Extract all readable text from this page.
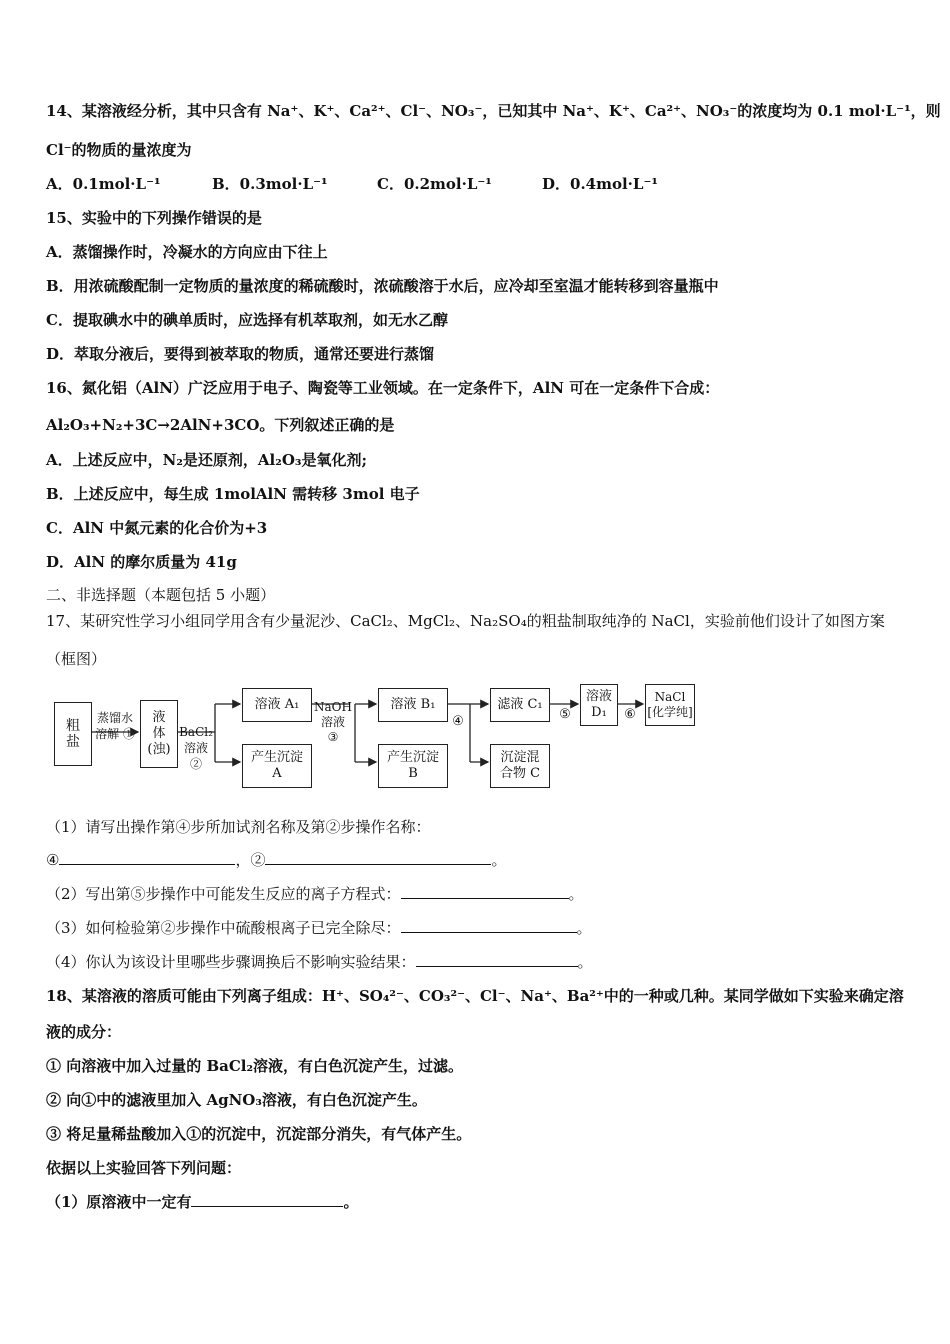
14、某溶液经分析，其中只含有 Na⁺、K⁺、Ca²⁺、Cl⁻、NO₃⁻，已知其中 Na⁺、K⁺、Ca²⁺、NO₃⁻的浓度均为 0.1 mol·L⁻¹，则
Cl⁻的物质的量浓度为
A．0.1mol·L⁻¹	B．0.3mol·L⁻¹	C．0.2mol·L⁻¹	D．0.4mol·L⁻¹
15、实验中的下列操作错误的是
A．蒸馏操作时，冷凝水的方向应由下往上
B．用浓硫酸配制一定物质的量浓度的稀硫酸时，浓硫酸溶于水后，应冷却至室温才能转移到容量瓶中
C．提取碘水中的碘单质时，应选择有机萃取剂，如无水乙醇
D．萃取分液后，要得到被萃取的物质，通常还要进行蒸馏
16、氮化铝（AlN）广泛应用于电子、陶瓷等工业领域。在一定条件下，AlN 可在一定条件下合成：
Al₂O₃+N₂+3C→2AlN+3CO。下列叙述正确的是
A．上述反应中，N₂是还原剂，Al₂O₃是氧化剂;
B．上述反应中，每生成 1molAlN 需转移 3mol 电子
C．AlN 中氮元素的化合价为+3
D．AlN 的摩尔质量为 41g
二、非选择题（本题包括 5 小题）
17、某研究性学习小组同学用含有少量泥沙、CaCl₂、MgCl₂、Na₂SO₄的粗盐制取纯净的 NaCl，实验前他们设计了如图方案
（框图）
粗
盐
蒸馏水
溶解 ①
液
体
(浊)
BaCl₂
溶液 ②
溶液 A₁
产生沉淀
A
NaOH
溶液
③
溶液 B₁
产生沉淀
B
④
滤液 C₁
沉淀混
合物 C
⑤
溶液
D₁	⑥
NaCl
[化学纯]
（1）请写出操作第④步所加试剂名称及第②步操作名称：
④	，②	。
（2）写出第⑤步操作中可能发生反应的离子方程式：	。
（3）如何检验第②步操作中硫酸根离子已完全除尽：	。
（4）你认为该设计里哪些步骤调换后不影响实验结果：	。
18、某溶液的溶质可能由下列离子组成：H⁺、SO₄²⁻、CO₃²⁻、Cl⁻、Na⁺、Ba²⁺中的一种或几种。某同学做如下实验来确定溶
液的成分：
① 向溶液中加入过量的 BaCl₂溶液，有白色沉淀产生，过滤。
② 向①中的滤液里加入 AgNO₃溶液，有白色沉淀产生。
③ 将足量稀盐酸加入①的沉淀中，沉淀部分消失，有气体产生。
依据以上实验回答下列问题：
（1）原溶液中一定有	。
